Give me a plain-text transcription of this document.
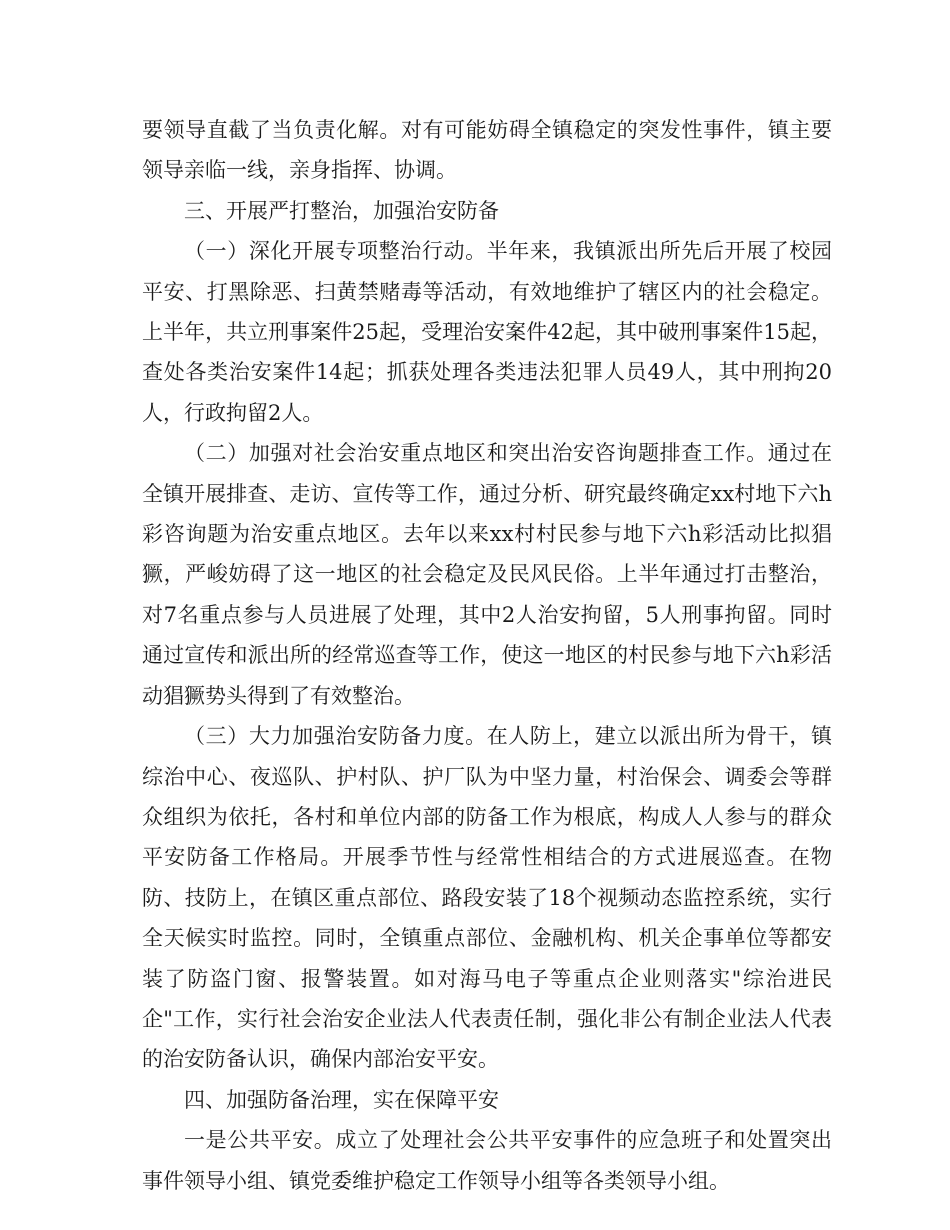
要领导直截了当负责化解。对有可能妨碍全镇稳定的突发性事件，镇主要领导亲临一线，亲身指挥、协调。

三、开展严打整治，加强治安防备

（一）深化开展专项整治行动。半年来，我镇派出所先后开展了校园平安、打黑除恶、扫黄禁赌毒等活动，有效地维护了辖区内的社会稳定。上半年，共立刑事案件25起，受理治安案件42起，其中破刑事案件15起，查处各类治安案件14起；抓获处理各类违法犯罪人员49人，其中刑拘20人，行政拘留2人。

（二）加强对社会治安重点地区和突出治安咨询题排查工作。通过在全镇开展排查、走访、宣传等工作，通过分析、研究最终确定xx村地下六h彩咨询题为治安重点地区。去年以来xx村村民参与地下六h彩活动比拟猖獗，严峻妨碍了这一地区的社会稳定及民风民俗。上半年通过打击整治，对7名重点参与人员进展了处理，其中2人治安拘留，5人刑事拘留。同时通过宣传和派出所的经常巡查等工作，使这一地区的村民参与地下六h彩活动猖獗势头得到了有效整治。

（三）大力加强治安防备力度。在人防上，建立以派出所为骨干，镇综治中心、夜巡队、护村队、护厂队为中坚力量，村治保会、调委会等群众组织为依托，各村和单位内部的防备工作为根底，构成人人参与的群众平安防备工作格局。开展季节性与经常性相结合的方式进展巡查。在物防、技防上，在镇区重点部位、路段安装了18个视频动态监控系统，实行全天候实时监控。同时，全镇重点部位、金融机构、机关企事单位等都安装了防盗门窗、报警装置。如对海马电子等重点企业则落实"综治进民企"工作，实行社会治安企业法人代表责任制，强化非公有制企业法人代表的治安防备认识，确保内部治安平安。

四、加强防备治理，实在保障平安

一是公共平安。成立了处理社会公共平安事件的应急班子和处置突出事件领导小组、镇党委维护稳定工作领导小组等各类领导小组。
